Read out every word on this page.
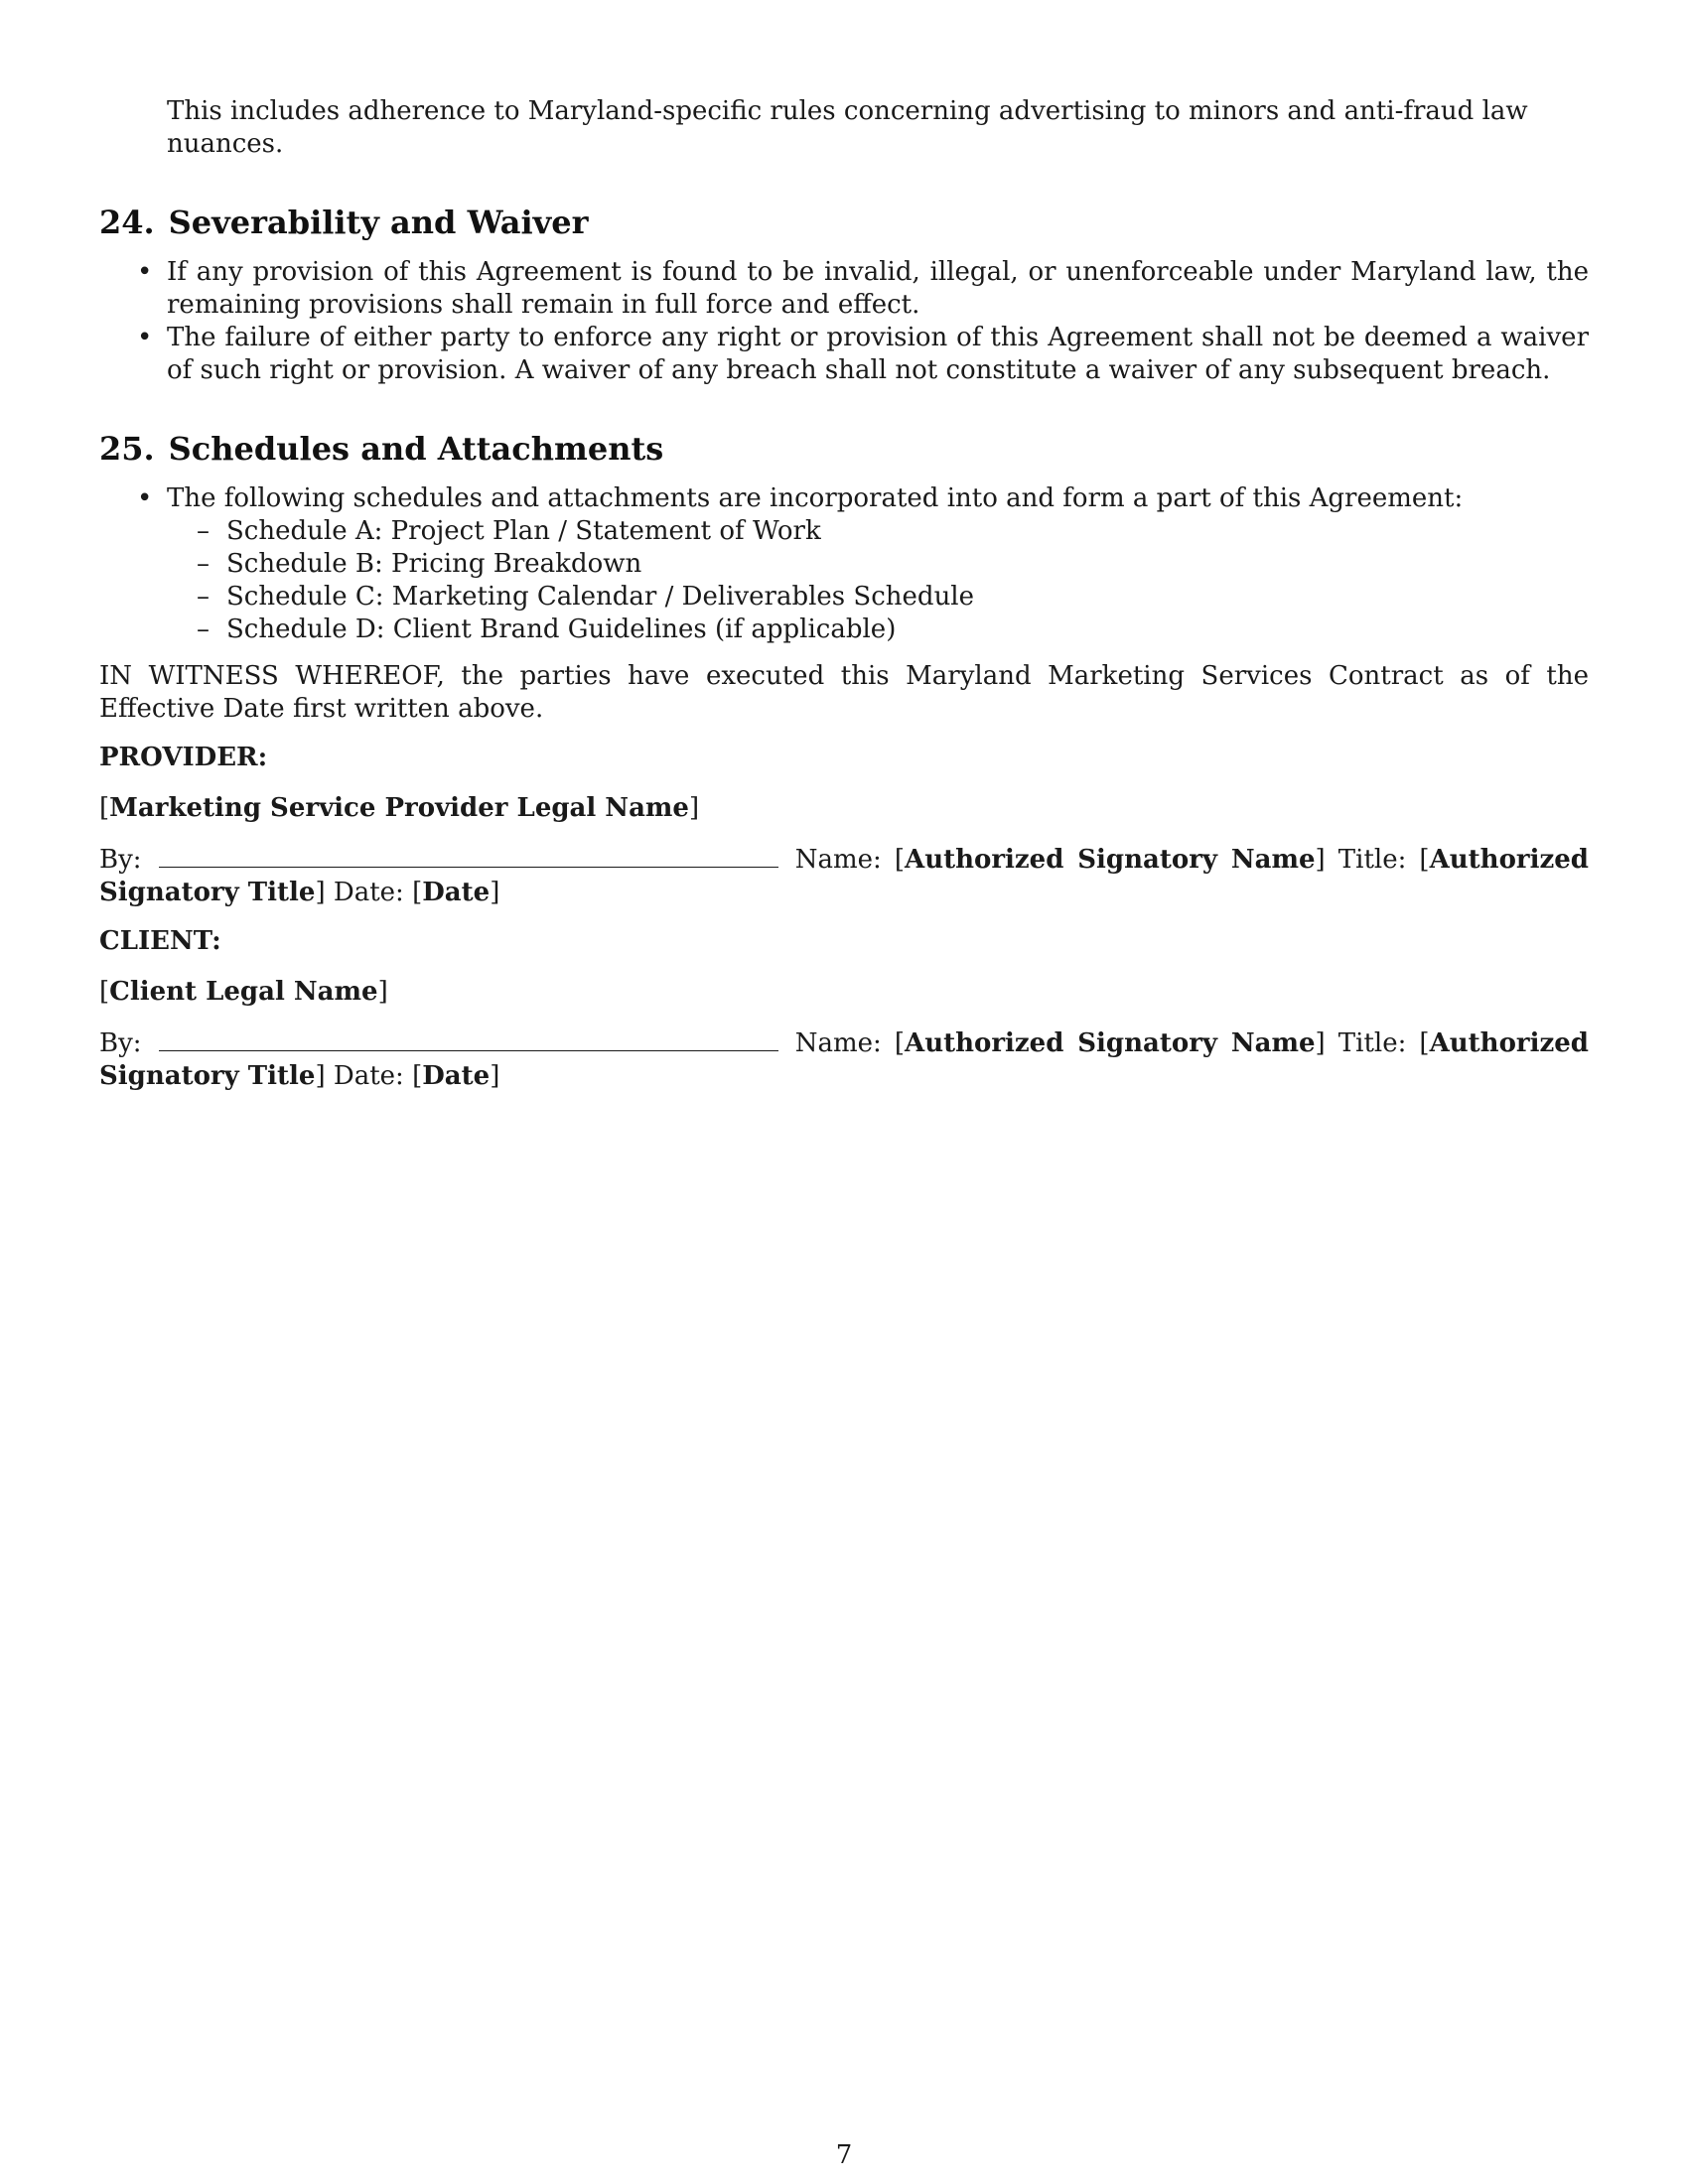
This includes adherence to Maryland-specific rules concerning advertising to minors and anti-fraud law nuances.

24. Severability and Waiver
• If any provision of this Agreement is found to be invalid, illegal, or unenforceable under Maryland law, the remaining provisions shall remain in full force and effect.
• The failure of either party to enforce any right or provision of this Agreement shall not be deemed a waiver of such right or provision. A waiver of any breach shall not constitute a waiver of any subsequent breach.
25. Schedules and Attachments
• The following schedules and attachments are incorporated into and form a part of this Agreement:
– Schedule A: Project Plan / Statement of Work
– Schedule B: Pricing Breakdown
– Schedule C: Marketing Calendar / Deliverables Schedule
– Schedule D: Client Brand Guidelines (if applicable)

IN WITNESS WHEREOF, the parties have executed this Maryland Marketing Services Contract as of the Effective Date first written above.

PROVIDER:

[Marketing Service Provider Legal Name]

By:	Name: [Authorized Signatory Name] Title: [Authorized Signatory Title] Date: [Date]

CLIENT:

[Client Legal Name]

By:	Name: [Authorized Signatory Name] Title: [Authorized Signatory Title] Date: [Date]

7
